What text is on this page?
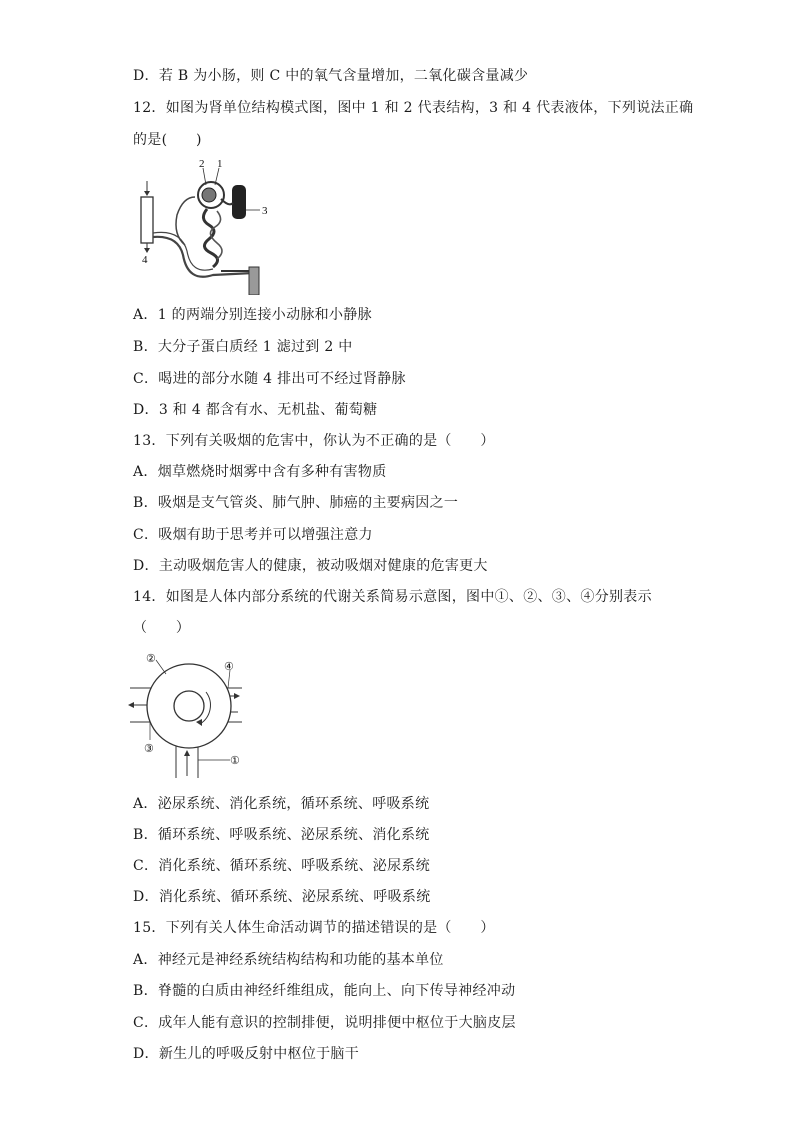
D．若 B 为小肠，则 C 中的氧气含量增加，二氧化碳含量减少
12．如图为肾单位结构模式图，图中 1 和 2 代表结构，3 和 4 代表液体，下列说法正确
的是(　　)
4
2 1
3
A．1 的两端分别连接小动脉和小静脉
B．大分子蛋白质经 1 滤过到 2 中
C．喝进的部分水随 4 排出可不经过肾静脉
D．3 和 4 都含有水、无机盐、葡萄糖
13．下列有关吸烟的危害中，你认为不正确的是（　　）
A．烟草燃烧时烟雾中含有多种有害物质
B．吸烟是支气管炎、肺气肿、肺癌的主要病因之一
C．吸烟有助于思考并可以增强注意力
D．主动吸烟危害人的健康，被动吸烟对健康的危害更大
14．如图是人体内部分系统的代谢关系简易示意图，图中①、②、③、④分别表示
（　　）
②
④
③
①
A．泌尿系统、消化系统，循环系统、呼吸系统
B．循环系统、呼吸系统、泌尿系统、消化系统
C．消化系统、循环系统、呼吸系统、泌尿系统
D．消化系统、循环系统、泌尿系统、呼吸系统
15．下列有关人体生命活动调节的描述错误的是（　　）
A．神经元是神经系统结构结构和功能的基本单位
B．脊髓的白质由神经纤维组成，能向上、向下传导神经冲动
C．成年人能有意识的控制排便，说明排便中枢位于大脑皮层
D．新生儿的呼吸反射中枢位于脑干
